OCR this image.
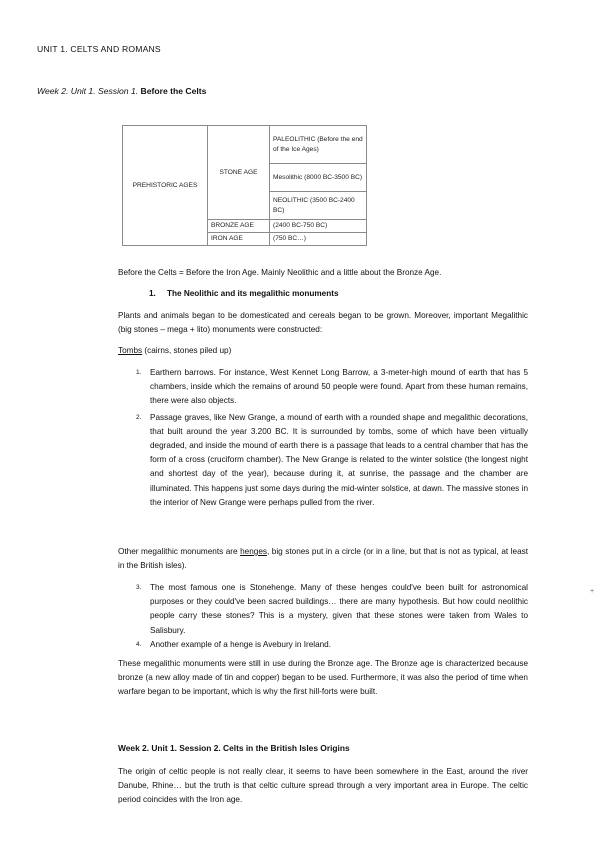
UNIT 1. CELTS AND ROMANS
Week 2. Unit 1. Session 1. Before the Celts
PREHISTORIC AGES	STONE AGE	PALEOLITHIC (Before the end of the Ice Ages)
		Mesolithic (8000 BC-3500 BC)
		NEOLITHIC (3500 BC-2400 BC)
	BRONZE AGE	(2400 BC-750 BC)
	IRON AGE	(750 BC…)
Before the Celts = Before the Iron Age. Mainly Neolithic and a little about the Bronze Age.
1. The Neolithic and its megalithic monuments
Plants and animals began to be domesticated and cereals began to be grown. Moreover, important Megalithic (big stones – mega + lito) monuments were constructed:
Tombs (cairns, stones piled up)
1. Earthern barrows. For instance, West Kennet Long Barrow, a 3-meter-high mound of earth that has 5 chambers, inside which the remains of around 50 people were found. Apart from these human remains, there were also objects.
2. Passage graves, like New Grange, a mound of earth with a rounded shape and megalithic decorations, that built around the year 3.200 BC. It is surrounded by tombs, some of which have been virtually degraded, and inside the mound of earth there is a passage that leads to a central chamber that has the form of a cross (cruciform chamber). The New Grange is related to the winter solstice (the longest night and shortest day of the year), because during it, at sunrise, the passage and the chamber are illuminated. This happens just some days during the mid-winter solstice, at dawn. The massive stones in the interior of New Grange were perhaps pulled from the river.
Other megalithic monuments are henges, big stones put in a circle (or in a line, but that is not as typical, at least in the British isles).
3. The most famous one is Stonehenge. Many of these henges could've been built for astronomical purposes or they could've been sacred buildings… there are many hypothesis. But how could neolithic people carry these stones? This is a mystery, given that these stones were taken from Wales to Salisbury.
4. Another example of a henge is Avebury in Ireland.
These megalithic monuments were still in use during the Bronze age. The Bronze age is characterized because bronze (a new alloy made of tin and copper) began to be used. Furthermore, it was also the period of time when warfare began to be important, which is why the first hill-forts were built.
Week 2. Unit 1. Session 2. Celts in the British Isles Origins
The origin of celtic people is not really clear, it seems to have been somewhere in the East, around the river Danube, Rhine… but the truth is that celtic culture spread through a very important area in Europe. The celtic period coincides with the Iron age.
+
